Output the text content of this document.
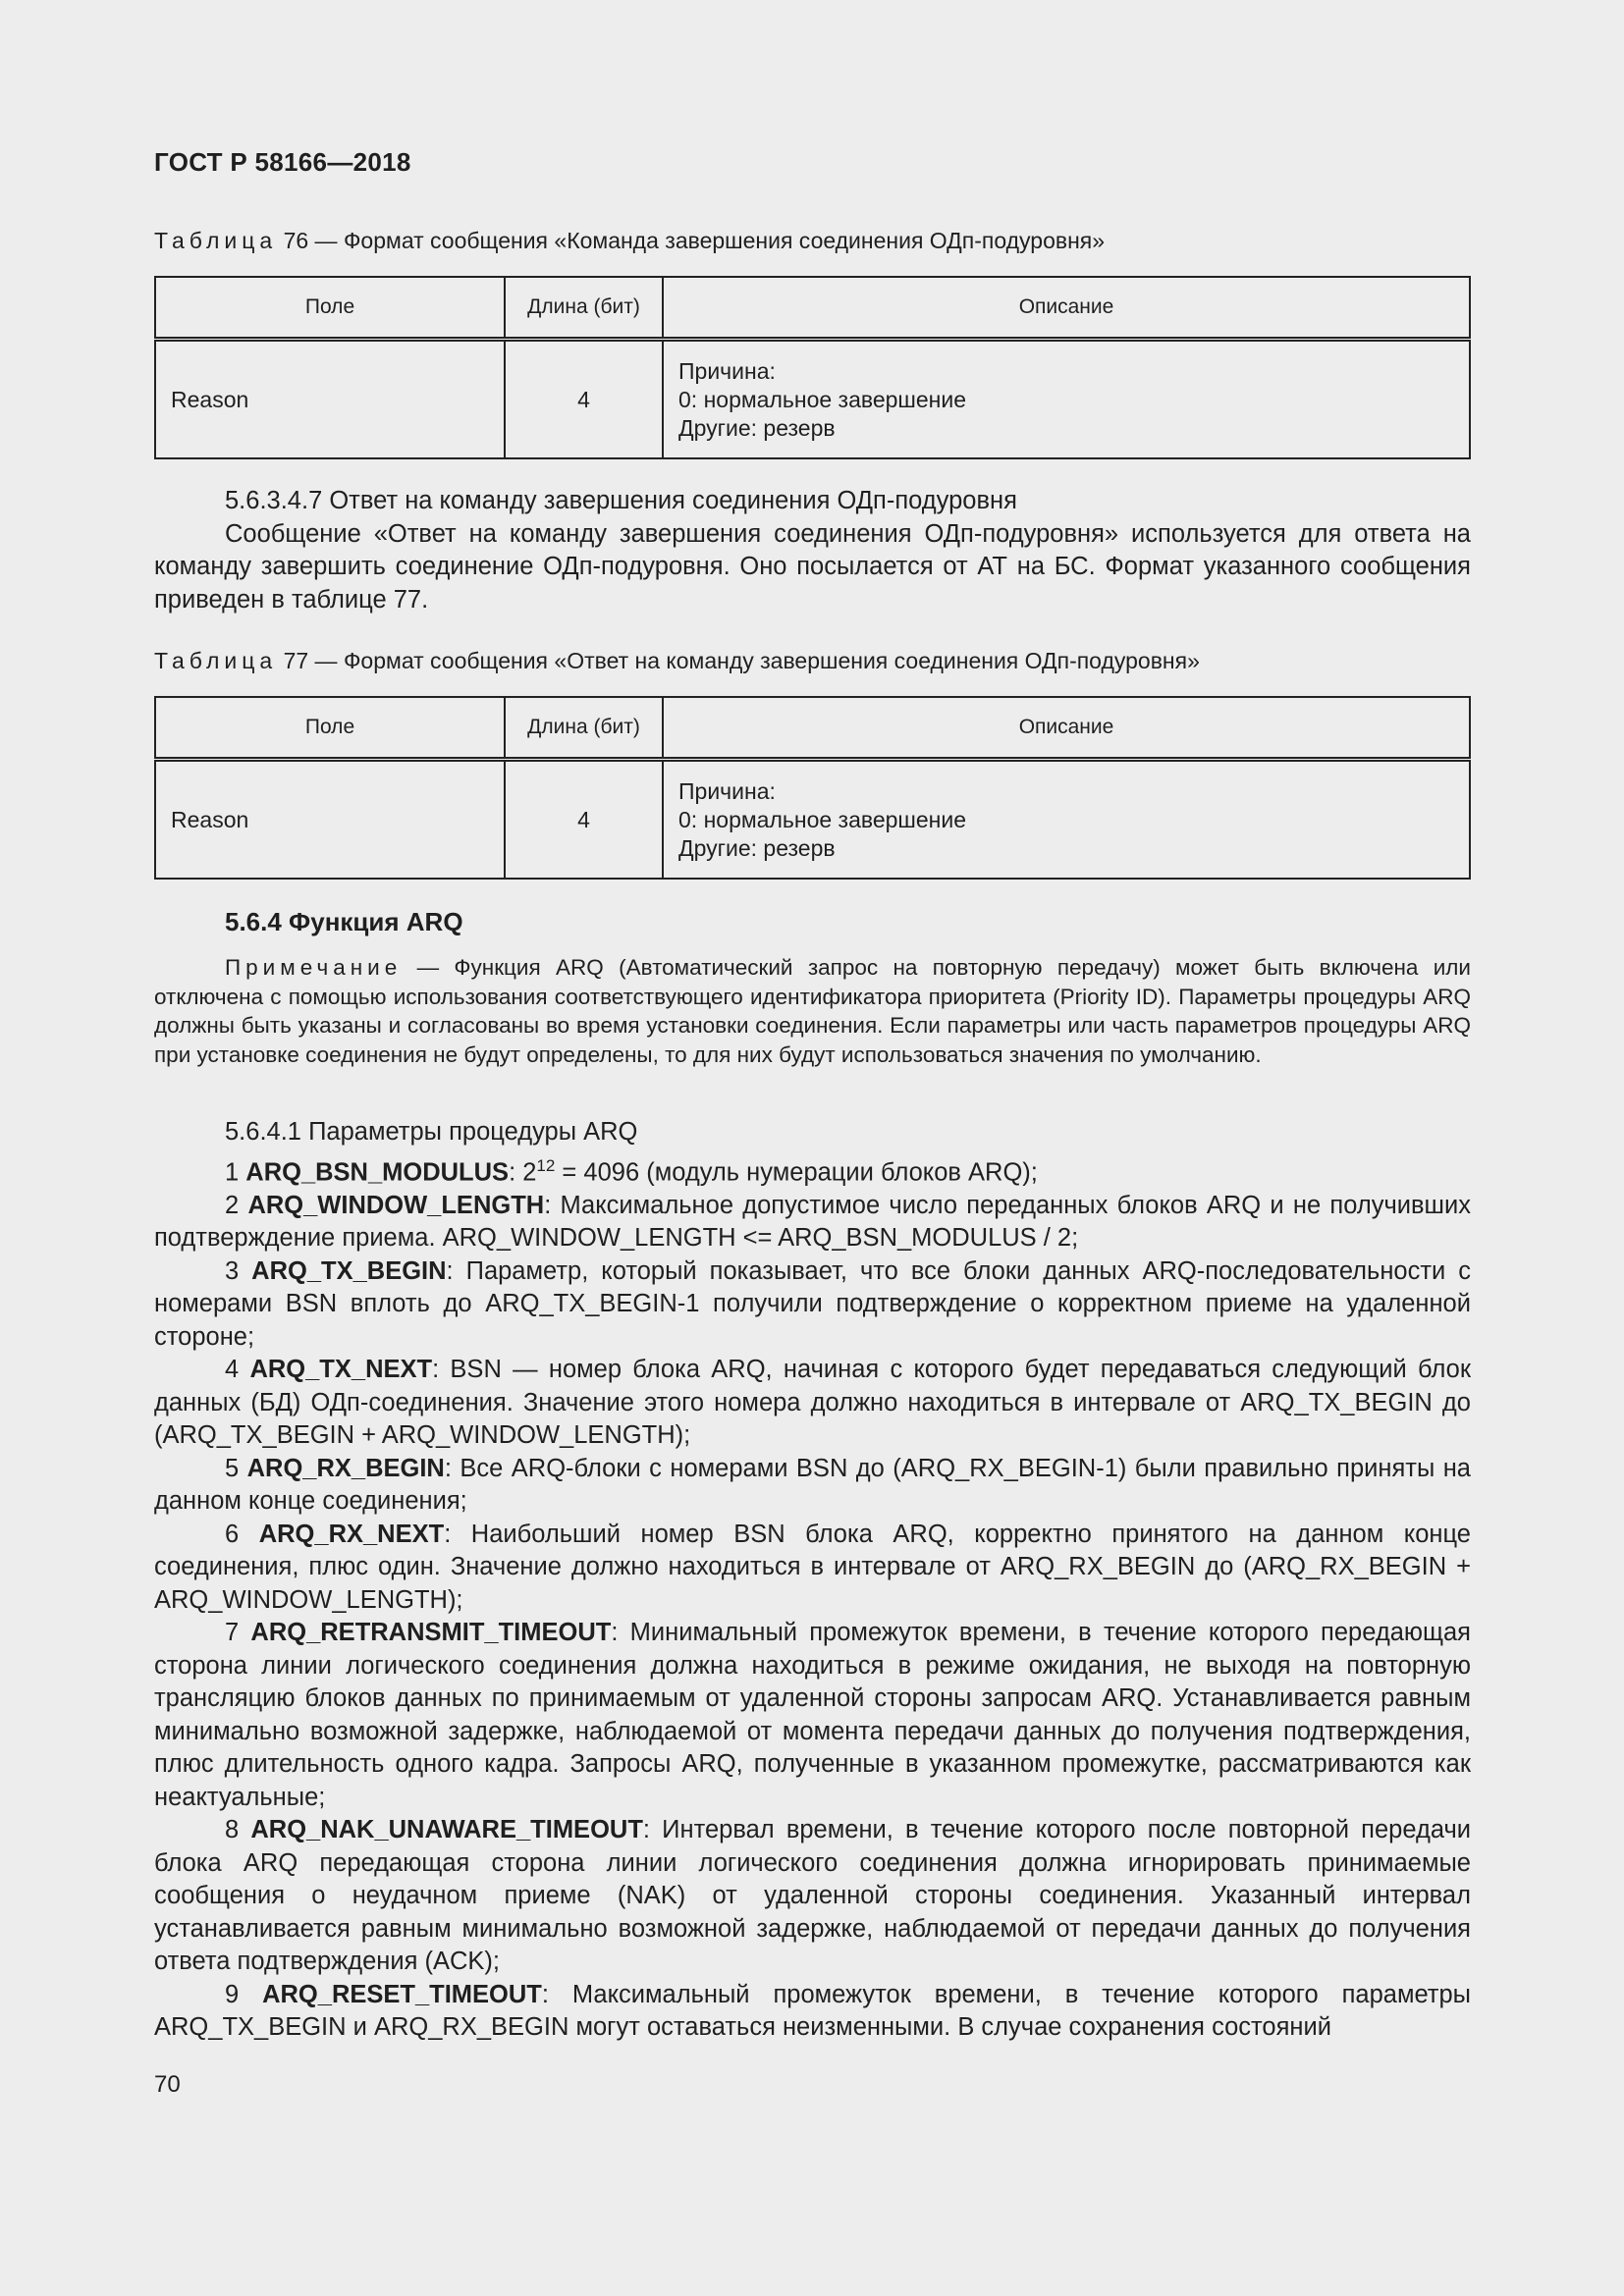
ГОСТ Р 58166—2018
Таблица 76 — Формат сообщения «Команда завершения соединения ОДп-подуровня»
Поле	Длина (бит)	Описание
Reason	4	Причина:
0: нормальное завершение
Другие: резерв

5.6.3.4.7 Ответ на команду завершения соединения ОДп-подуровня

Сообщение «Ответ на команду завершения соединения ОДп-подуровня» используется для ответа на команду завершить соединение ОДп-подуровня. Оно посылается от АТ на БС. Формат указанного сообщения приведен в таблице 77.

Таблица 77 — Формат сообщения «Ответ на команду завершения соединения ОДп-подуровня»
Поле	Длина (бит)	Описание
Reason	4	Причина:
0: нормальное завершение
Другие: резерв
5.6.4 Функция ARQ
Примечание — Функция ARQ (Автоматический запрос на повторную передачу) может быть включена или отключена с помощью использования соответствующего идентификатора приоритета (Priority ID). Параметры процедуры ARQ должны быть указаны и согласованы во время установки соединения. Если параметры или часть параметров процедуры ARQ при установке соединения не будут определены, то для них будут использоваться значения по умолчанию.

5.6.4.1 Параметры процедуры ARQ

1 ARQ_BSN_MODULUS: $2^{12} = 4096$ (модуль нумерации блоков ARQ);

2 ARQ_WINDOW_LENGTH: Максимальное допустимое число переданных блоков ARQ и не получивших подтверждение приема. ARQ_WINDOW_LENGTH <= ARQ_BSN_MODULUS / 2;

3 ARQ_TX_BEGIN: Параметр, который показывает, что все блоки данных ARQ-последовательности с номерами BSN вплоть до ARQ_TX_BEGIN-1 получили подтверждение о корректном приеме на удаленной стороне;

4 ARQ_TX_NEXT: BSN — номер блока ARQ, начиная с которого будет передаваться следующий блок данных (БД) ОДп-соединения. Значение этого номера должно находиться в интервале от ARQ_TX_BEGIN до (ARQ_TX_BEGIN + ARQ_WINDOW_LENGTH);

5 ARQ_RX_BEGIN: Все ARQ-блоки с номерами BSN до (ARQ_RX_BEGIN-1) были правильно приняты на данном конце соединения;

6 ARQ_RX_NEXT: Наибольший номер BSN блока ARQ, корректно принятого на данном конце соединения, плюс один. Значение должно находиться в интервале от ARQ_RX_BEGIN до (ARQ_RX_BEGIN + ARQ_WINDOW_LENGTH);

7 ARQ_RETRANSMIT_TIMEOUT: Минимальный промежуток времени, в течение которого передающая сторона линии логического соединения должна находиться в режиме ожидания, не выходя на повторную трансляцию блоков данных по принимаемым от удаленной стороны запросам ARQ. Устанавливается равным минимально возможной задержке, наблюдаемой от момента передачи данных до получения подтверждения, плюс длительность одного кадра. Запросы ARQ, полученные в указанном промежутке, рассматриваются как неактуальные;

8 ARQ_NAK_UNAWARE_TIMEOUT: Интервал времени, в течение которого после повторной передачи блока ARQ передающая сторона линии логического соединения должна игнорировать принимаемые сообщения о неудачном приеме (NAK) от удаленной стороны соединения. Указанный интервал устанавливается равным минимально возможной задержке, наблюдаемой от передачи данных до получения ответа подтверждения (ACK);

9 ARQ_RESET_TIMEOUT: Максимальный промежуток времени, в течение которого параметры ARQ_TX_BEGIN и ARQ_RX_BEGIN могут оставаться неизменными. В случае сохранения состояний

70
